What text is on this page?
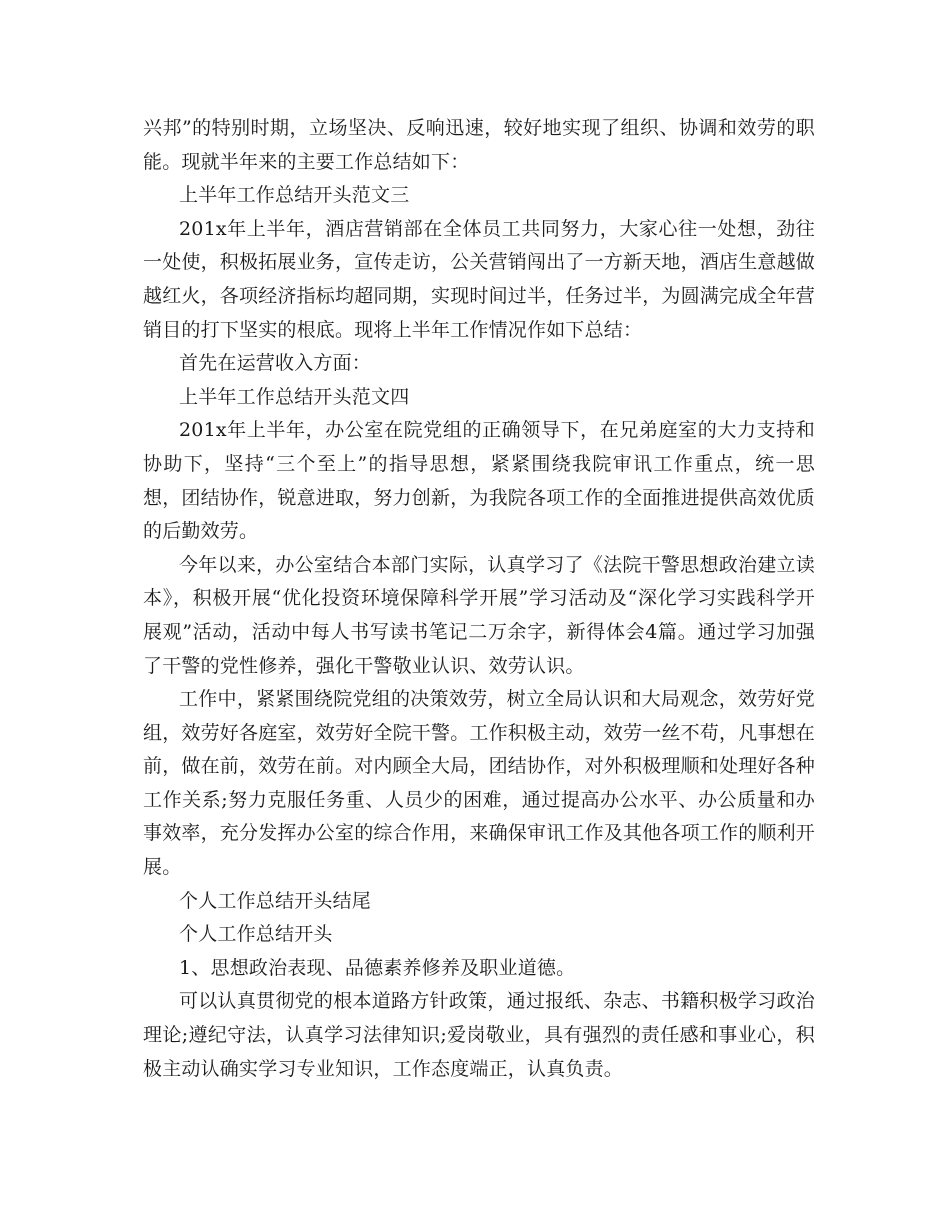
兴邦”的特别时期，立场坚决、反响迅速，较好地实现了组织、协调和效劳的职能。现就半年来的主要工作总结如下：

上半年工作总结开头范文三

201x年上半年，酒店营销部在全体员工共同努力，大家心往一处想，劲往一处使，积极拓展业务，宣传走访，公关营销闯出了一方新天地，酒店生意越做越红火，各项经济指标均超同期，实现时间过半，任务过半，为圆满完成全年营销目的打下坚实的根底。现将上半年工作情况作如下总结：

首先在运营收入方面：

上半年工作总结开头范文四

201x年上半年，办公室在院党组的正确领导下，在兄弟庭室的大力支持和协助下，坚持“三个至上”的指导思想，紧紧围绕我院审讯工作重点，统一思想，团结协作，锐意进取，努力创新，为我院各项工作的全面推进提供高效优质的后勤效劳。

今年以来，办公室结合本部门实际，认真学习了《法院干警思想政治建立读本》，积极开展“优化投资环境保障科学开展”学习活动及“深化学习实践科学开展观”活动，活动中每人书写读书笔记二万余字，新得体会4篇。通过学习加强了干警的党性修养，强化干警敬业认识、效劳认识。

工作中，紧紧围绕院党组的决策效劳，树立全局认识和大局观念，效劳好党组，效劳好各庭室，效劳好全院干警。工作积极主动，效劳一丝不苟，凡事想在前，做在前，效劳在前。对内顾全大局，团结协作，对外积极理顺和处理好各种工作关系;努力克服任务重、人员少的困难，通过提高办公水平、办公质量和办事效率，充分发挥办公室的综合作用，来确保审讯工作及其他各项工作的顺利开展。

个人工作总结开头结尾

个人工作总结开头

1、思想政治表现、品德素养修养及职业道德。

可以认真贯彻党的根本道路方针政策，通过报纸、杂志、书籍积极学习政治理论;遵纪守法，认真学习法律知识;爱岗敬业，具有强烈的责任感和事业心，积极主动认确实学习专业知识，工作态度端正，认真负责。
